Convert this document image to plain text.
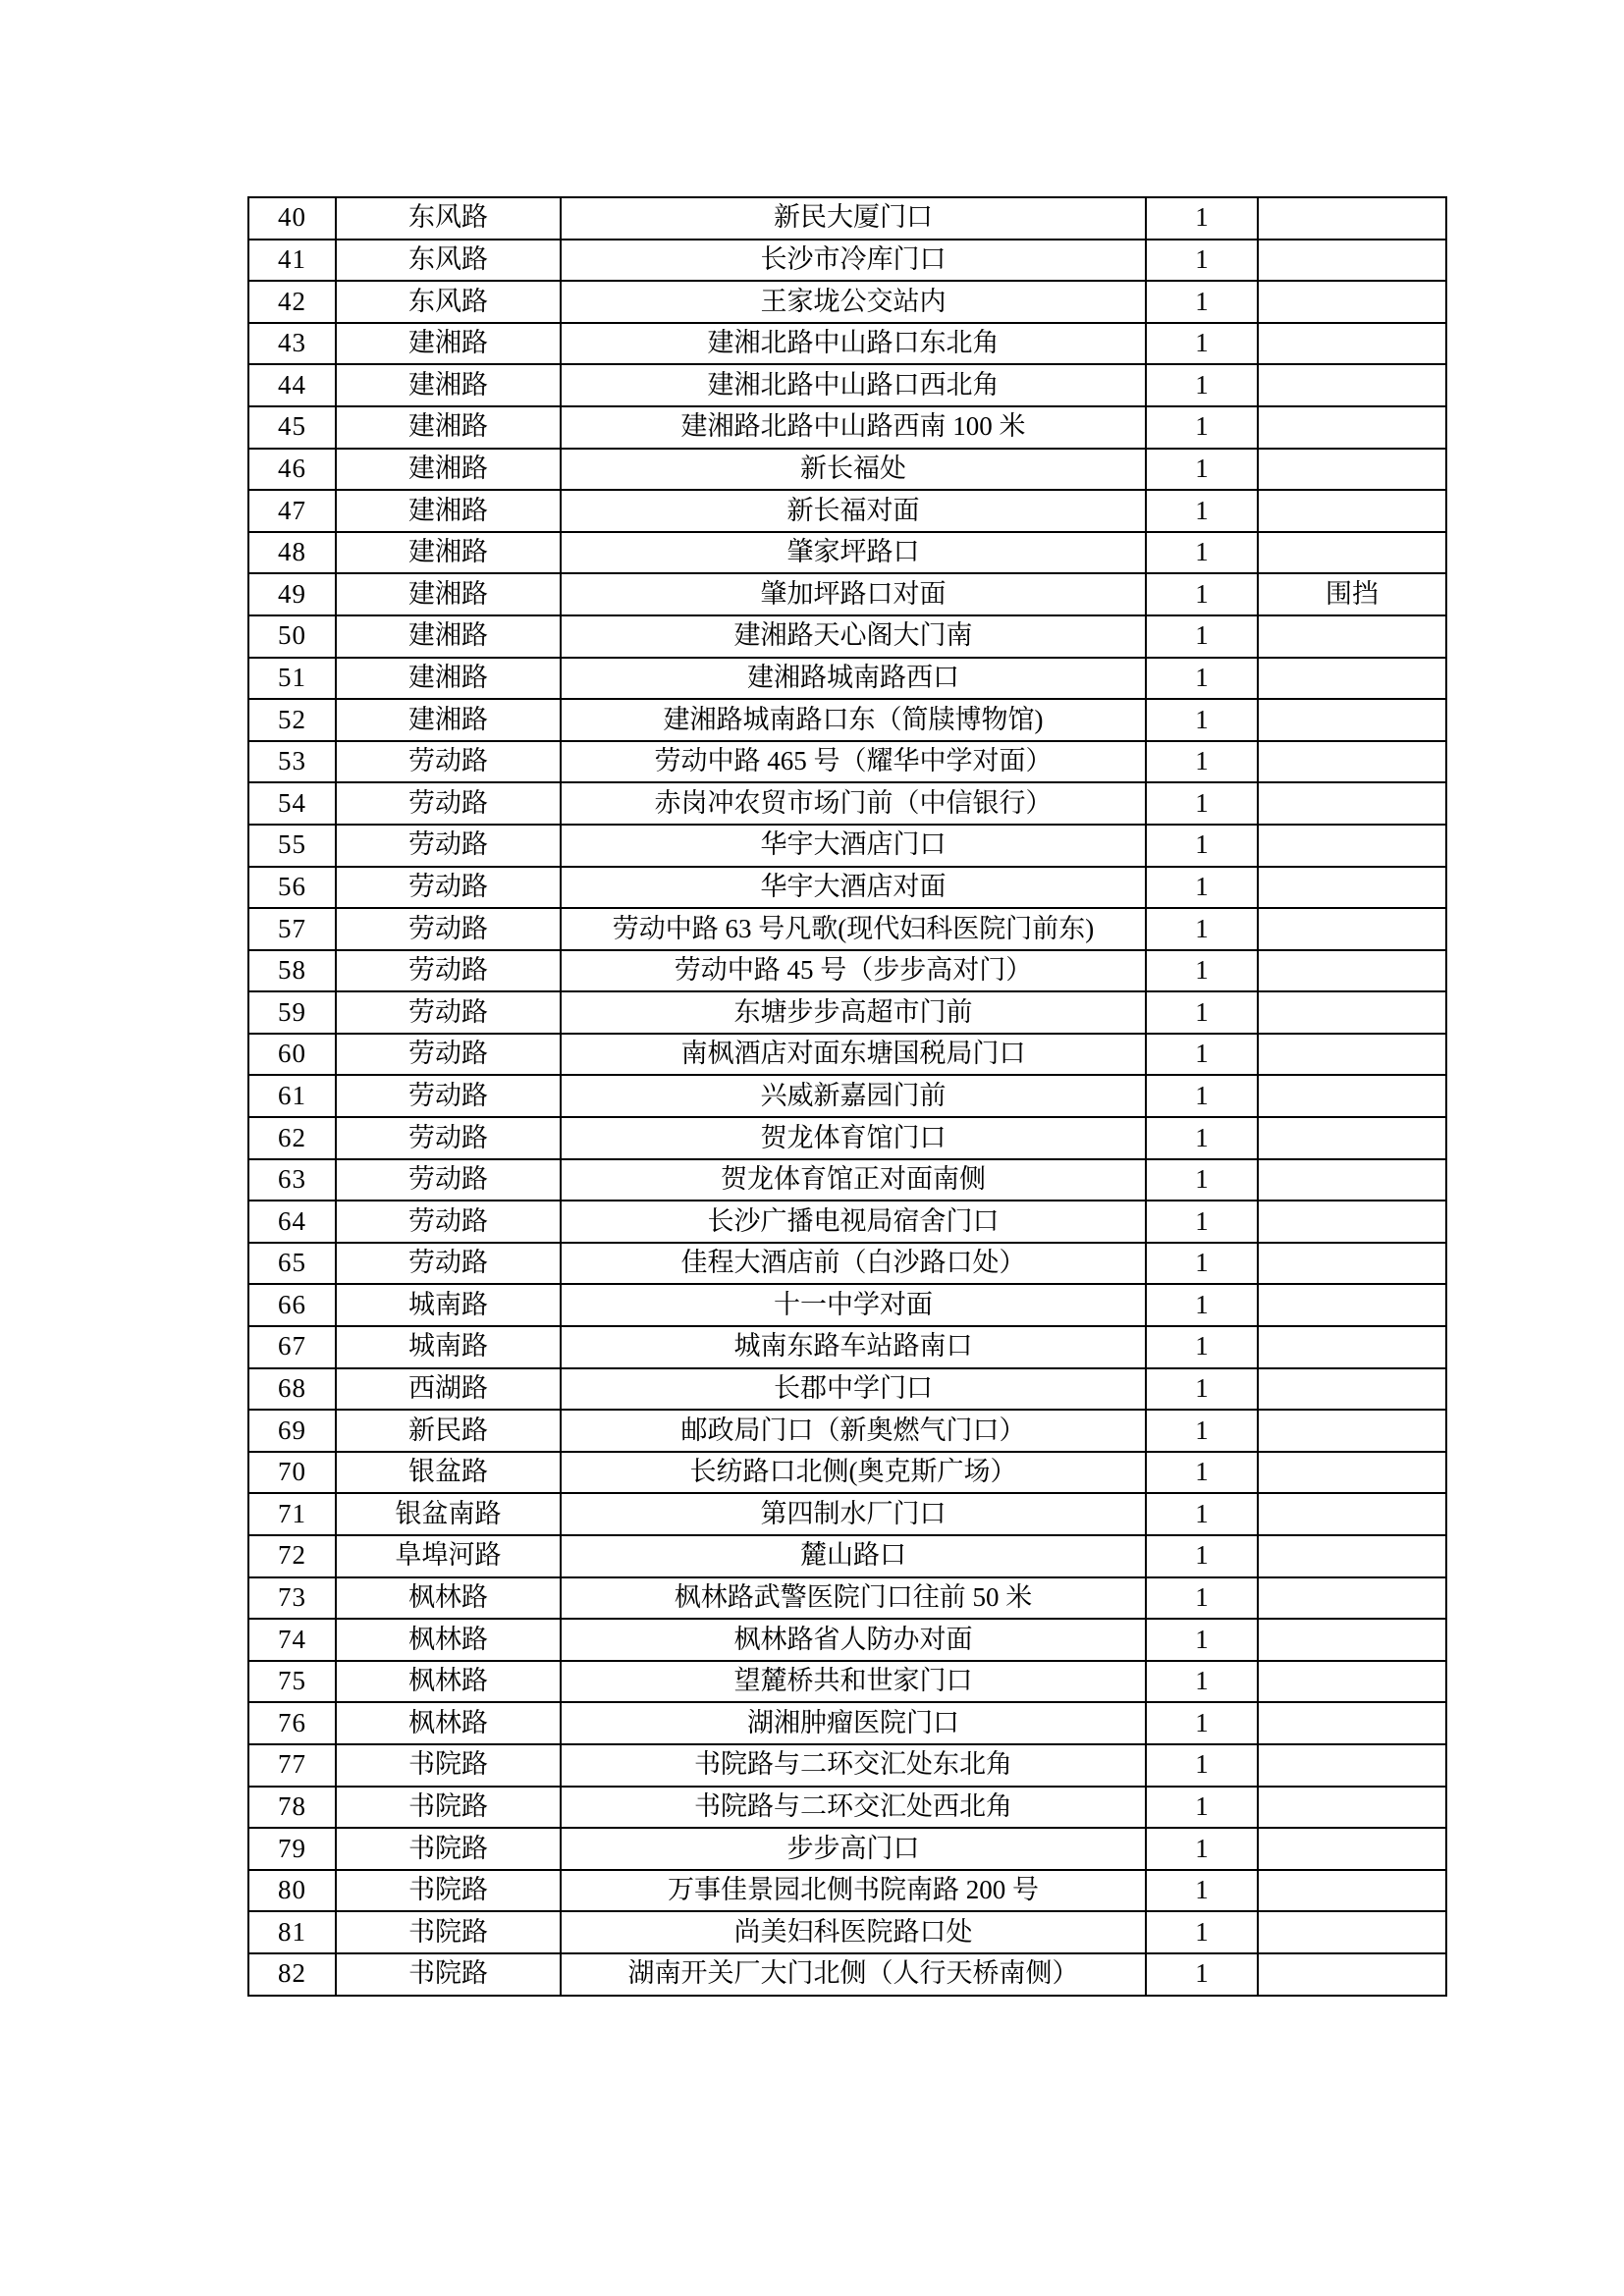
40	东风路	新民大厦门口	1	
41	东风路	长沙市冷库门口	1	
42	东风路	王家垅公交站内	1	
43	建湘路	建湘北路中山路口东北角	1	
44	建湘路	建湘北路中山路口西北角	1	
45	建湘路	建湘路北路中山路西南 100 米	1	
46	建湘路	新长福处	1	
47	建湘路	新长福对面	1	
48	建湘路	肇家坪路口	1	
49	建湘路	肇加坪路口对面	1	围挡
50	建湘路	建湘路天心阁大门南	1	
51	建湘路	建湘路城南路西口	1	
52	建湘路	建湘路城南路口东（简牍博物馆)	1	
53	劳动路	劳动中路 465 号（耀华中学对面）	1	
54	劳动路	赤岗冲农贸市场门前（中信银行）	1	
55	劳动路	华宇大酒店门口	1	
56	劳动路	华宇大酒店对面	1	
57	劳动路	劳动中路 63 号凡歌(现代妇科医院门前东)	1	
58	劳动路	劳动中路 45 号（步步高对门）	1	
59	劳动路	东塘步步高超市门前	1	
60	劳动路	南枫酒店对面东塘国税局门口	1	
61	劳动路	兴威新嘉园门前	1	
62	劳动路	贺龙体育馆门口	1	
63	劳动路	贺龙体育馆正对面南侧	1	
64	劳动路	长沙广播电视局宿舍门口	1	
65	劳动路	佳程大酒店前（白沙路口处）	1	
66	城南路	十一中学对面	1	
67	城南路	城南东路车站路南口	1	
68	西湖路	长郡中学门口	1	
69	新民路	邮政局门口（新奥燃气门口）	1	
70	银盆路	长纺路口北侧(奥克斯广场）	1	
71	银盆南路	第四制水厂门口	1	
72	阜埠河路	麓山路口	1	
73	枫林路	枫林路武警医院门口往前 50 米	1	
74	枫林路	枫林路省人防办对面	1	
75	枫林路	望麓桥共和世家门口	1	
76	枫林路	湖湘肿瘤医院门口	1	
77	书院路	书院路与二环交汇处东北角	1	
78	书院路	书院路与二环交汇处西北角	1	
79	书院路	步步高门口	1	
80	书院路	万事佳景园北侧书院南路 200 号	1	
81	书院路	尚美妇科医院路口处	1	
82	书院路	湖南开关厂大门北侧（人行天桥南侧）	1	
